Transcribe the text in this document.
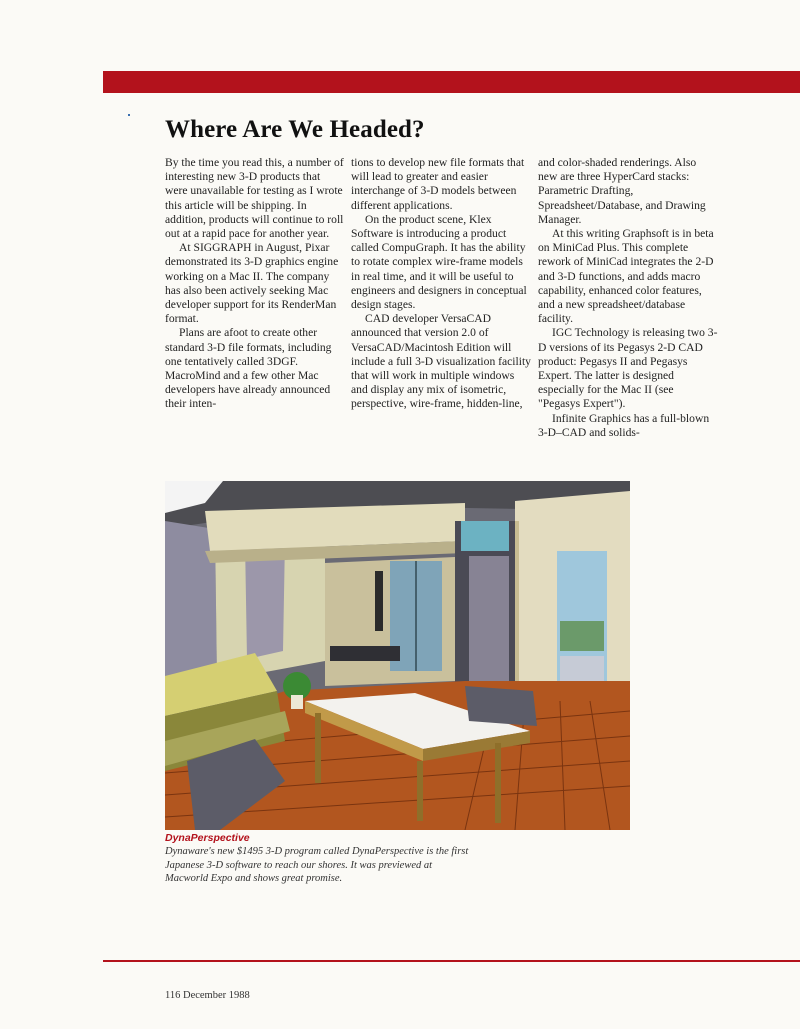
Where Are We Headed?

By the time you read this, a number of interesting new 3-D products that were unavailable for testing as I wrote this article will be shipping. In addition, products will continue to roll out at a rapid pace for another year.

At SIGGRAPH in August, Pixar demonstrated its 3-D graphics engine working on a Mac II. The company has also been actively seeking Mac developer support for its RenderMan format.

Plans are afoot to create other standard 3-D file formats, including one tentatively called 3DGF. MacroMind and a few other Mac developers have already announced their inten-

tions to develop new file formats that will lead to greater and easier interchange of 3-D models between different applications.

On the product scene, Klex Software is introducing a product called CompuGraph. It has the ability to rotate complex wire-frame models in real time, and it will be useful to engineers and designers in conceptual design stages.

CAD developer VersaCAD announced that version 2.0 of VersaCAD/Macintosh Edition will include a full 3-D visualization facility that will work in multiple windows and display any mix of isometric, perspective, wire-frame, hidden-line,

and color-shaded renderings. Also new are three HyperCard stacks: Parametric Drafting, Spreadsheet/Database, and Drawing Manager.

At this writing Graphsoft is in beta on MiniCad Plus. This complete rework of MiniCad integrates the 2-D and 3-D functions, and adds macro capability, enhanced color features, and a new spreadsheet/database facility.

IGC Technology is releasing two 3-D versions of its Pegasys 2-D CAD product: Pegasys II and Pegasys Expert. The latter is designed especially for the Mac II (see "Pegasys Expert").

Infinite Graphics has a full-blown 3-D–CAD and solids-

DynaPerspective

Dynaware's new $1495 3-D program called DynaPerspective is the first Japanese 3-D software to reach our shores. It was previewed at Macworld Expo and shows great promise.

116 December 1988
